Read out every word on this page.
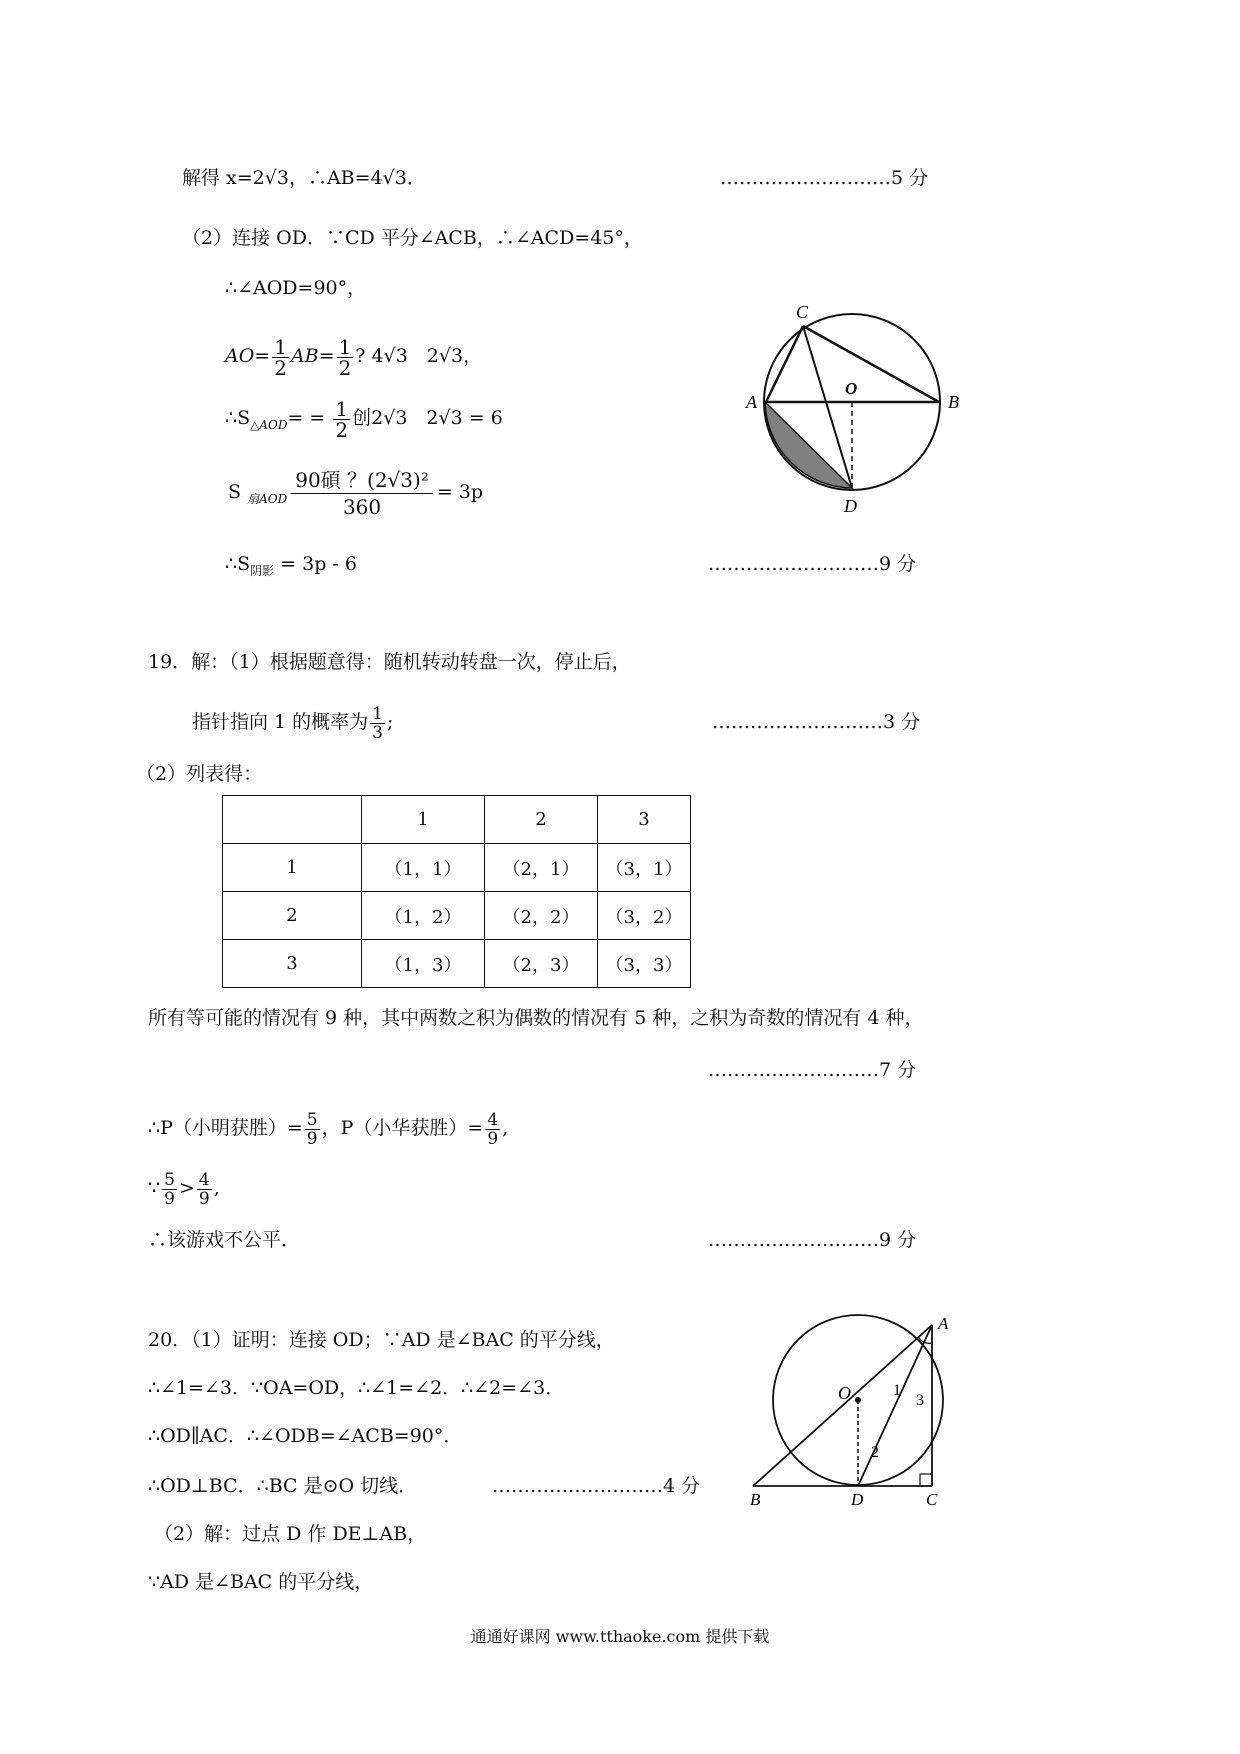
解得 x=2√3，∴AB=4√3．	………………………5 分
（2）连接 OD．∵CD 平分∠ACB，∴∠ACD=45°，
∴∠AOD=90°，
$AO= \frac{1}{2} AB= \frac{1}{2}$ ? 4√3　2√3，
$\therefore S_{\triangle AOD}= = \frac{1}{2}$ 创2√3　2√3 = 6
S $_{扇AOD}$
90碩 ？(2√3)²
360
= 3p
$\therefore S_{阴影} = 3p - 6$	………………………9 分
C
A
O
B
D
19．解：（1）根据题意得：随机转动转盘一次，停止后，
指针指向 1 的概率为 $\frac{1}{3}$ ;	………………………3 分
（2）列表得：
	1	2	3
1	（1，1）	（2，1）	（3，1）
2	（1，2）	（2，2）	（3，2）
3	（1，3）	（2，3）	（3，3）
所有等可能的情况有 9 种，其中两数之积为偶数的情况有 5 种，之积为奇数的情况有 4 种，
………………………7 分
∴P（小明获胜）= $\frac{5}{9}$ ，P（小华获胜）= $\frac{4}{9}$ ,
∵ $\frac{5}{9} > \frac{4}{9}$ ,
∴该游戏不公平．	………………………9 分
20．（1）证明：连接 OD；∵AD 是∠BAC 的平分线，
∴∠1=∠3．∵OA=OD，∴∠1=∠2．∴∠2=∠3．
∴OD∥AC．∴∠ODB=∠ACB=90°．
∴OD⊥BC．∴BC 是⊙O 切线．	………………………4 分
（2）解：过点 D 作 DE⊥AB，
∵AD 是∠BAC 的平分线，
A
O
B	D	C
1
2
3
通通好课网 www.tthaoke.com 提供下载
